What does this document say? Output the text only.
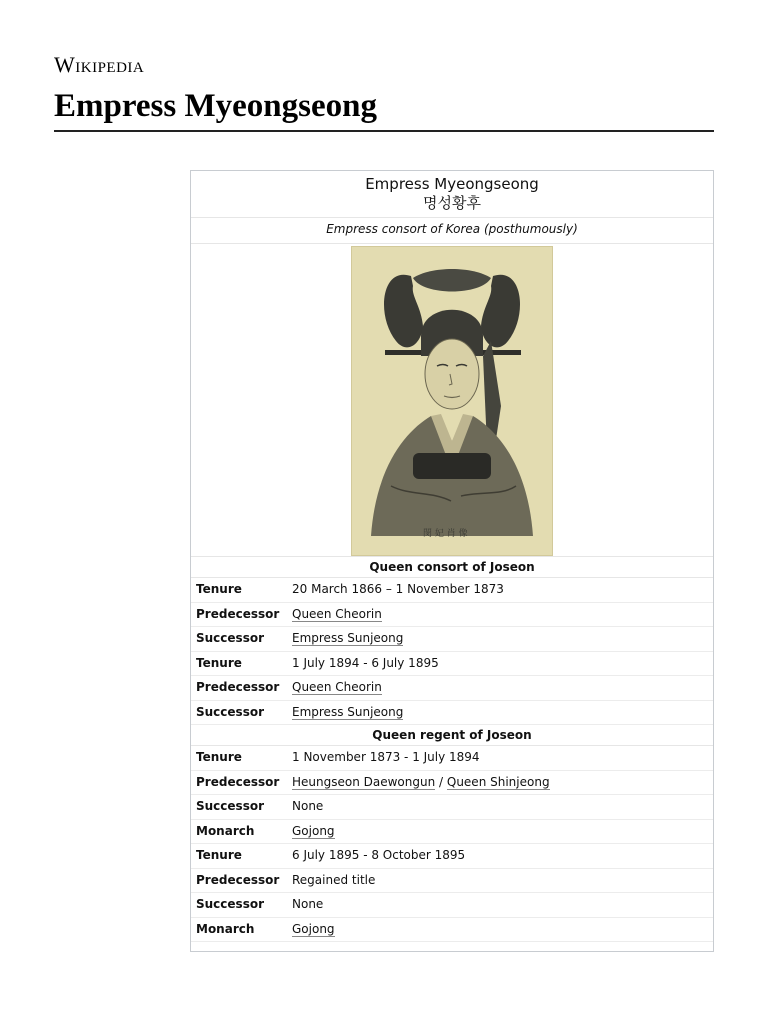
Wikipedia
Empress Myeongseong
Empress Myeongseong
명성황후
Empress consort of Korea (posthumously)
閔 妃 肖 像
Queen consort of Joseon
Tenure	20 March 1866 – 1 November 1873
Predecessor	Queen Cheorin
Successor	Empress Sunjeong
Tenure	1 July 1894 - 6 July 1895
Predecessor	Queen Cheorin
Successor	Empress Sunjeong
Queen regent of Joseon
Tenure	1 November 1873 - 1 July 1894
Predecessor	Heungseon Daewongun / Queen Shinjeong
Successor	None
Monarch	Gojong
Tenure	6 July 1895 - 8 October 1895
Predecessor	Regained title
Successor	None
Monarch	Gojong
